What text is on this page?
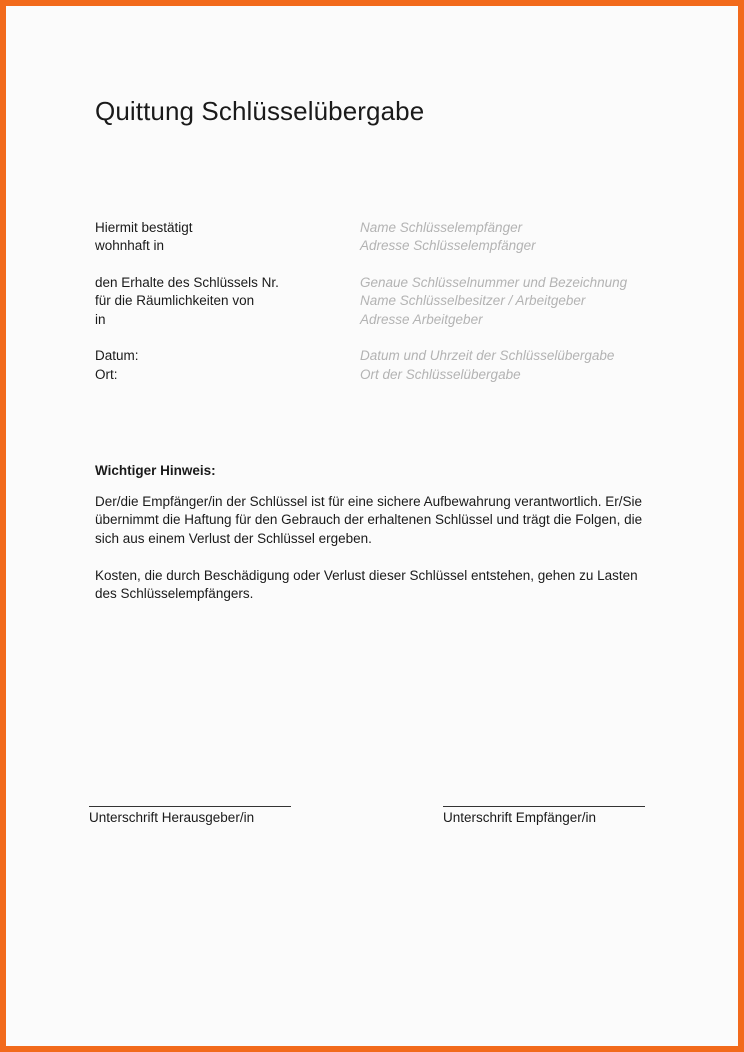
Quittung Schlüsselübergabe
Hiermit bestätigt	Name Schlüsselempfänger
wohnhaft in	Adresse Schlüsselempfänger
den Erhalte des Schlüssels Nr.	Genaue Schlüsselnummer und Bezeichnung
für die Räumlichkeiten von	Name Schlüsselbesitzer / Arbeitgeber
in	Adresse Arbeitgeber
Datum:	Datum und Uhrzeit der Schlüsselübergabe
Ort:	Ort der Schlüsselübergabe
Wichtiger Hinweis:

Der/die Empfänger/in der Schlüssel ist für eine sichere Aufbewahrung verantwortlich. Er/Sie
übernimmt die Haftung für den Gebrauch der erhaltenen Schlüssel und trägt die Folgen, die
sich aus einem Verlust der Schlüssel ergeben.

Kosten, die durch Beschädigung oder Verlust dieser Schlüssel entstehen, gehen zu Lasten
des Schlüsselempfängers.

Unterschrift Herausgeber/in	Unterschrift Empfänger/in
